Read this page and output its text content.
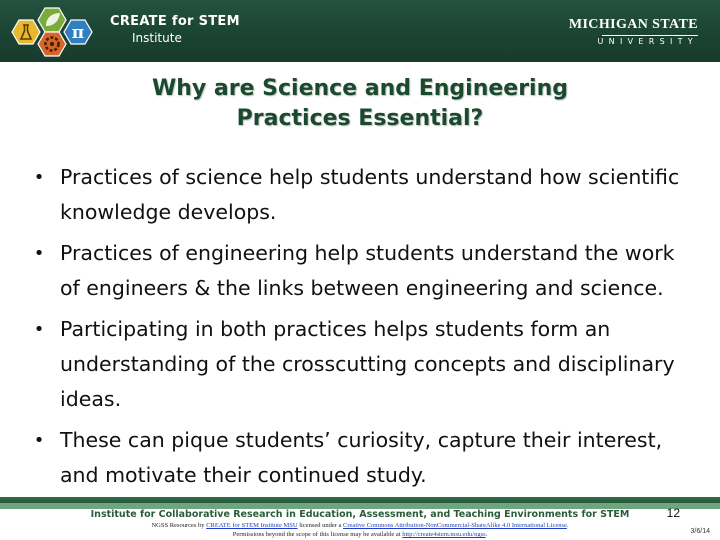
π
CREATE for STEM
Institute
MICHIGAN STATE
UNIVERSITY
Why are Science and Engineering
Practices Essential?
• Practices of science help students understand how scientific knowledge develops.
• Practices of engineering help students understand the work of engineers & the links between engineering and science.
• Participating in both practices helps students form an understanding of the crosscutting concepts and disciplinary ideas.
• These can pique students’ curiosity, capture their interest, and motivate their continued study.
Institute for Collaborative Research in Education, Assessment, and Teaching Environments for STEM
NGSS Resources by CREATE for STEM Institute MSU licensed under a Creative Commons Attribution-NonCommercial-ShareAlike 4.0 International License.
Permissions beyond the scope of this license may be available at http://create4stem.msu.edu/ngss.
12
3/6/14
